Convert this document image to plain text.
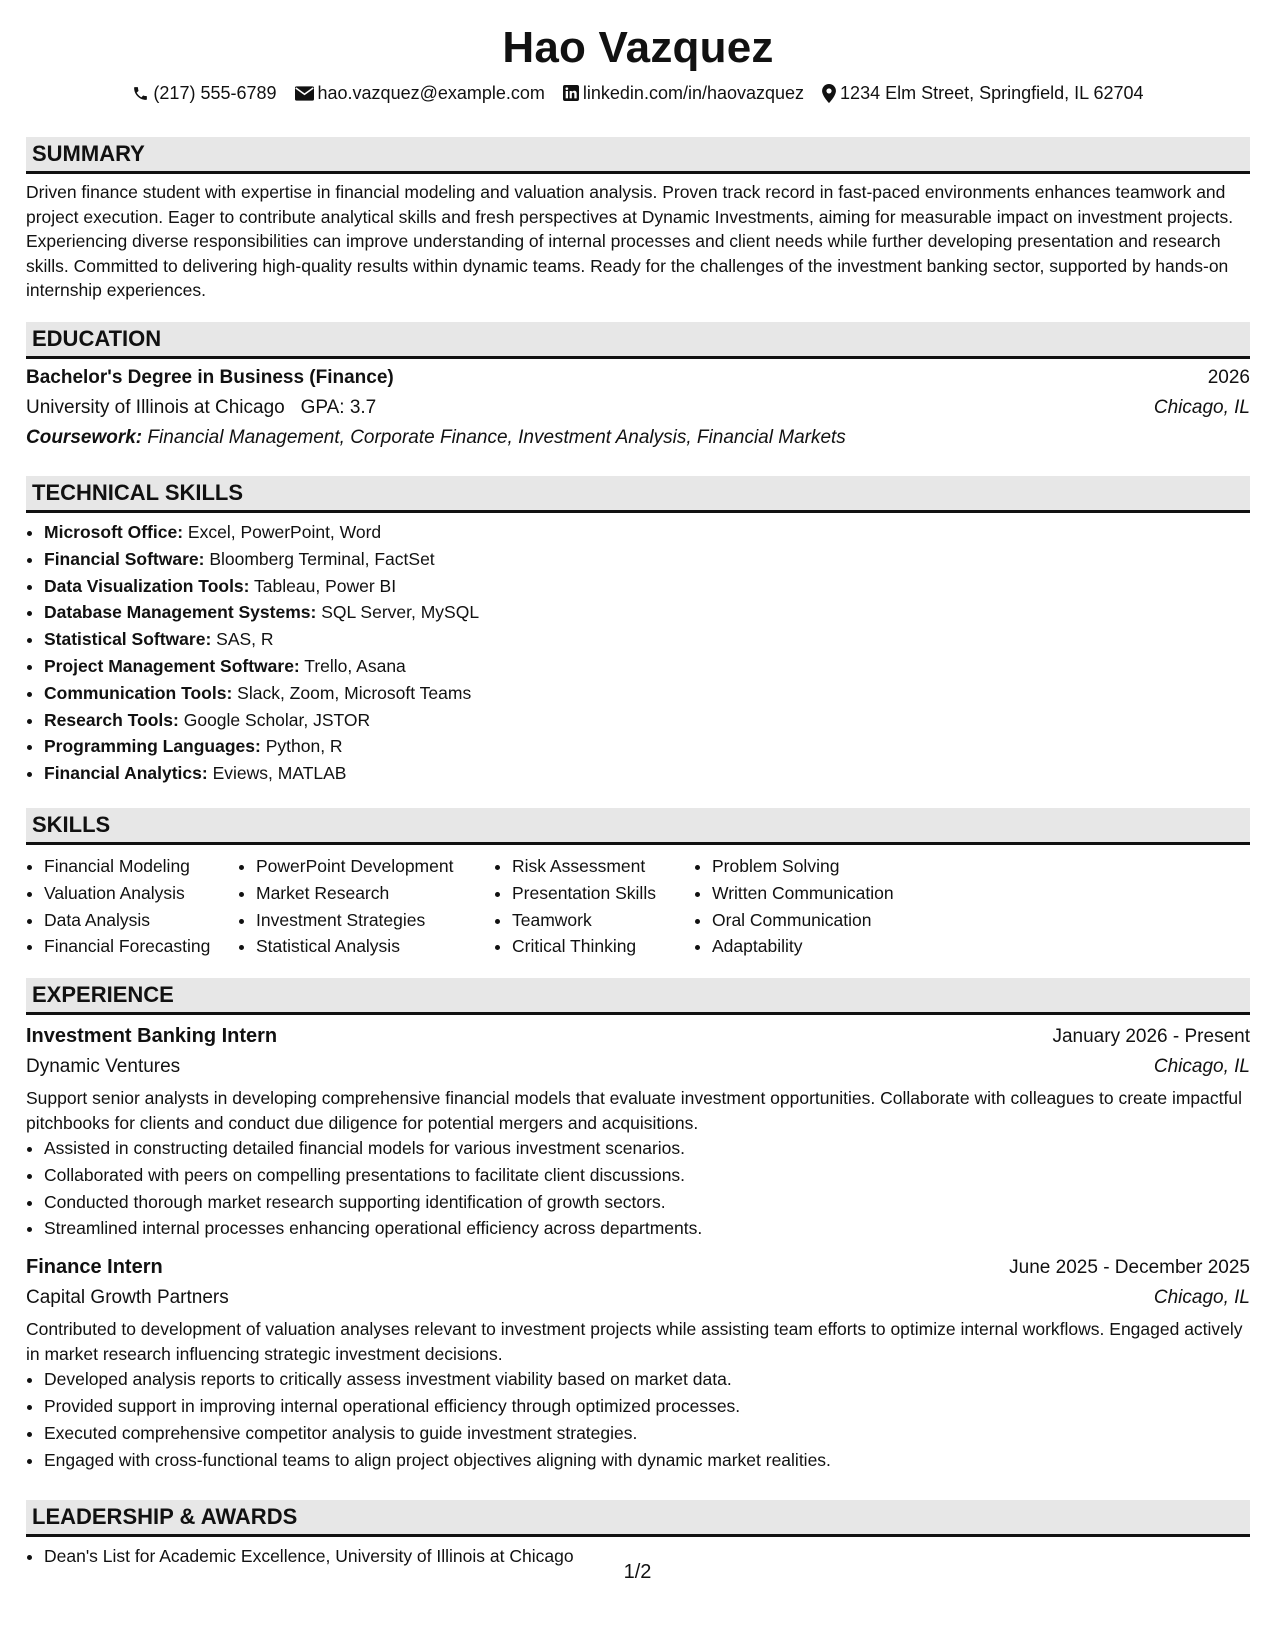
Hao Vazquez
(217) 555-6789 hao.vazquez@example.com linkedin.com/in/haovazquez 1234 Elm Street, Springfield, IL 62704
SUMMARY
Driven finance student with expertise in financial modeling and valuation analysis. Proven track record in fast-paced environments enhances teamwork and project execution. Eager to contribute analytical skills and fresh perspectives at Dynamic Investments, aiming for measurable impact on investment projects. Experiencing diverse responsibilities can improve understanding of internal processes and client needs while further developing presentation and research skills. Committed to delivering high-quality results within dynamic teams. Ready for the challenges of the investment banking sector, supported by hands-on internship experiences.
EDUCATION
Bachelor's Degree in Business (Finance)	2026
University of Illinois at Chicago GPA: 3.7	Chicago, IL
Coursework: Financial Management, Corporate Finance, Investment Analysis, Financial Markets
TECHNICAL SKILLS
• Microsoft Office: Excel, PowerPoint, Word
• Financial Software: Bloomberg Terminal, FactSet
• Data Visualization Tools: Tableau, Power BI
• Database Management Systems: SQL Server, MySQL
• Statistical Software: SAS, R
• Project Management Software: Trello, Asana
• Communication Tools: Slack, Zoom, Microsoft Teams
• Research Tools: Google Scholar, JSTOR
• Programming Languages: Python, R
• Financial Analytics: Eviews, MATLAB
SKILLS
• Financial Modeling
• Valuation Analysis
• Data Analysis
• Financial Forecasting
• PowerPoint Development
• Market Research
• Investment Strategies
• Statistical Analysis
• Risk Assessment
• Presentation Skills
• Teamwork
• Critical Thinking
• Problem Solving
• Written Communication
• Oral Communication
• Adaptability
EXPERIENCE
Investment Banking Intern	January 2026 - Present
Dynamic Ventures	Chicago, IL
Support senior analysts in developing comprehensive financial models that evaluate investment opportunities. Collaborate with colleagues to create impactful pitchbooks for clients and conduct due diligence for potential mergers and acquisitions.
• Assisted in constructing detailed financial models for various investment scenarios.
• Collaborated with peers on compelling presentations to facilitate client discussions.
• Conducted thorough market research supporting identification of growth sectors.
• Streamlined internal processes enhancing operational efficiency across departments.
Finance Intern	June 2025 - December 2025
Capital Growth Partners	Chicago, IL
Contributed to development of valuation analyses relevant to investment projects while assisting team efforts to optimize internal workflows. Engaged actively in market research influencing strategic investment decisions.
• Developed analysis reports to critically assess investment viability based on market data.
• Provided support in improving internal operational efficiency through optimized processes.
• Executed comprehensive competitor analysis to guide investment strategies.
• Engaged with cross-functional teams to align project objectives aligning with dynamic market realities.
LEADERSHIP & AWARDS
• Dean's List for Academic Excellence, University of Illinois at Chicago
1/2
